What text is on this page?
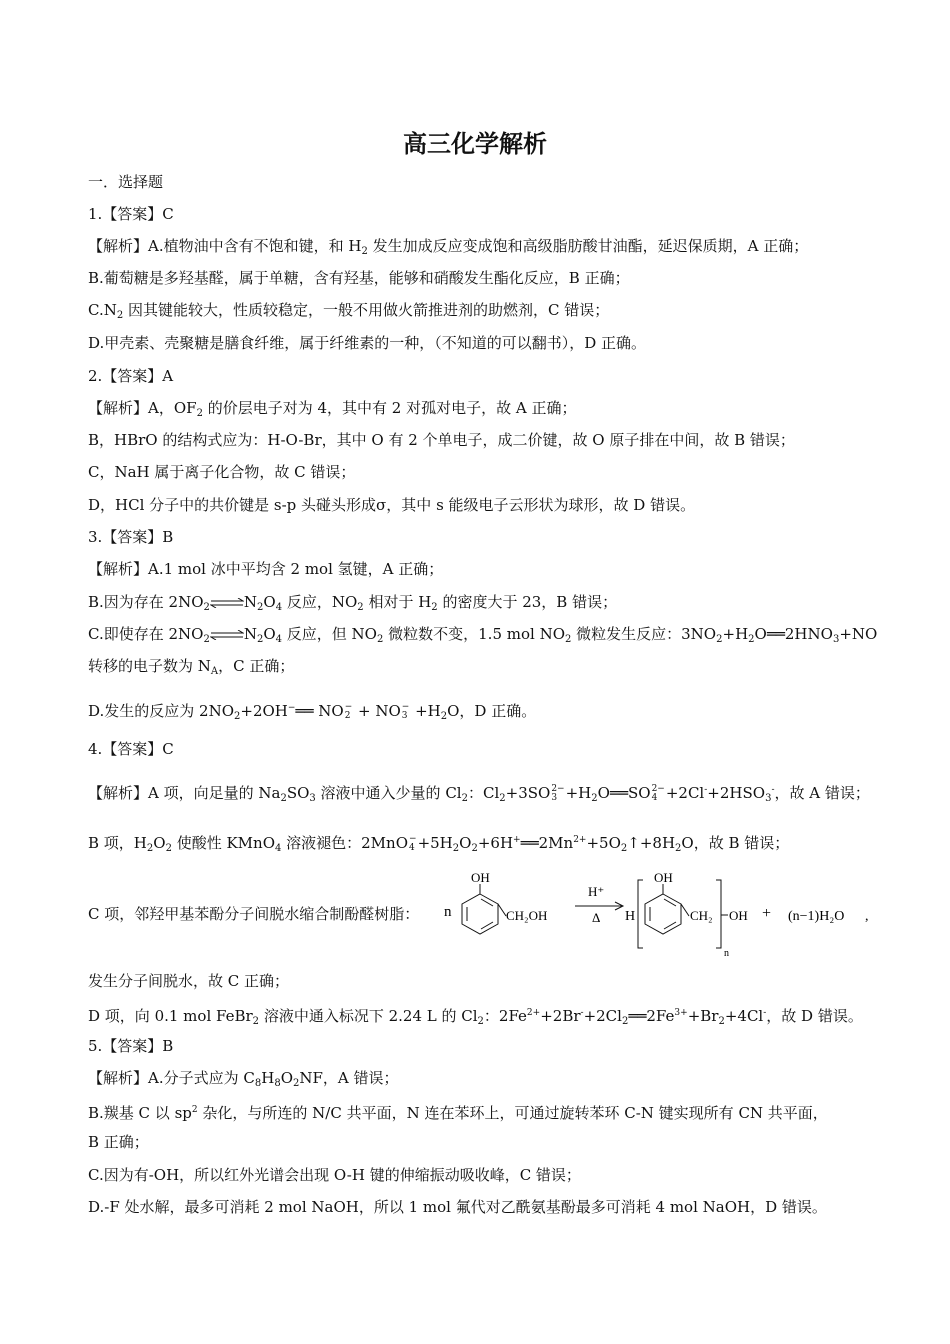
高三化学解析
一．选择题
1.【答案】C
【解析】A.植物油中含有不饱和键，和 $H_2$ 发生加成反应变成饱和高级脂肪酸甘油酯，延迟保质期，A 正确；
B.葡萄糖是多羟基醛，属于单糖，含有羟基，能够和硝酸发生酯化反应，B 正确；
$C.N_2$ 因其键能较大，性质较稳定，一般不用做火箭推进剂的助燃剂，C 错误；
D.甲壳素、壳聚糖是膳食纤维，属于纤维素的一种，（不知道的可以翻书），D 正确。
2.【答案】A
【解析】A，$OF_2$ 的价层电子对为 4，其中有 2 对孤对电子，故 A 正确；
B，HBrO 的结构式应为：H-O-Br，其中 O 有 2 个单电子，成二价键，故 O 原子排在中间，故 B 错误；
C，NaH 属于离子化合物，故 C 错误；
D，HCl 分子中的共价键是 s-p 头碰头形成σ，其中 s 能级电子云形状为球形，故 D 错误。
3.【答案】B
【解析】A.1 mol 冰中平均含 2 mol 氢键，A 正确；
B.因为存在 $2NO_2\rightleftharpoons N_2O_4$ 反应，$NO_2$ 相对于 $H_2$ 的密度大于 23，B 错误；
C.即使存在 $2NO_2\rightleftharpoons N_2O_4$ 反应，但 $NO_2$ 微粒数不变，1.5 mol $NO_2$ 微粒发生反应：$3NO_2+H_2O══2HNO_3+NO$
转移的电子数为 $N_A$，C 正确；
D.发生的反应为 $2NO_2+2OH^-══$ NO −
2 + NO −
$3 +H_2O$，D 正确。
4.【答案】C
【解析】A 项，向足量的 $Na_2SO_3$ 溶液中通入少量的 $Cl_2$：$Cl_2+3SO$ 2−
$3 +H_2O══SO$ 2−
$4 +2Cl^-+2HSO_3^-$，故 A 错误；
B 项，$H_2O_2$ 使酸性 KMnO$_4$ 溶液褪色：2MnO −
$4 +5H_2O_2+6H^+══2Mn^{2+}+5O_2↑+8H_2O$，故 B 错误；
C 项，邻羟甲基苯酚分子间脱水缩合制酚醛树脂：	n
OH
CH₂OH
H⁺
Δ H
OH
CH₂ OH
n
+ (n−1)H₂O ,
发生分子间脱水，故 C 正确；
D 项，向 0.1 mol FeBr$_2$ 溶液中通入标况下 2.24 L 的 $Cl_2$：$2Fe^{2+}+2Br^-+2Cl_2══2Fe^{3+}+Br_2+4Cl^-$，故 D 错误。
5.【答案】B
【解析】A.分子式应为 $C_8H_8O_2NF$，A 错误；
B.羰基 C 以 $sp^2$ 杂化，与所连的 N/C 共平面，N 连在苯环上，可通过旋转苯环 C-N 键实现所有 CN 共平面，
B 正确；
C.因为有-OH，所以红外光谱会出现 O-H 键的伸缩振动吸收峰，C 错误；
D.-F 处水解，最多可消耗 2 mol NaOH，所以 1 mol 氟代对乙酰氨基酚最多可消耗 4 mol NaOH，D 错误。
